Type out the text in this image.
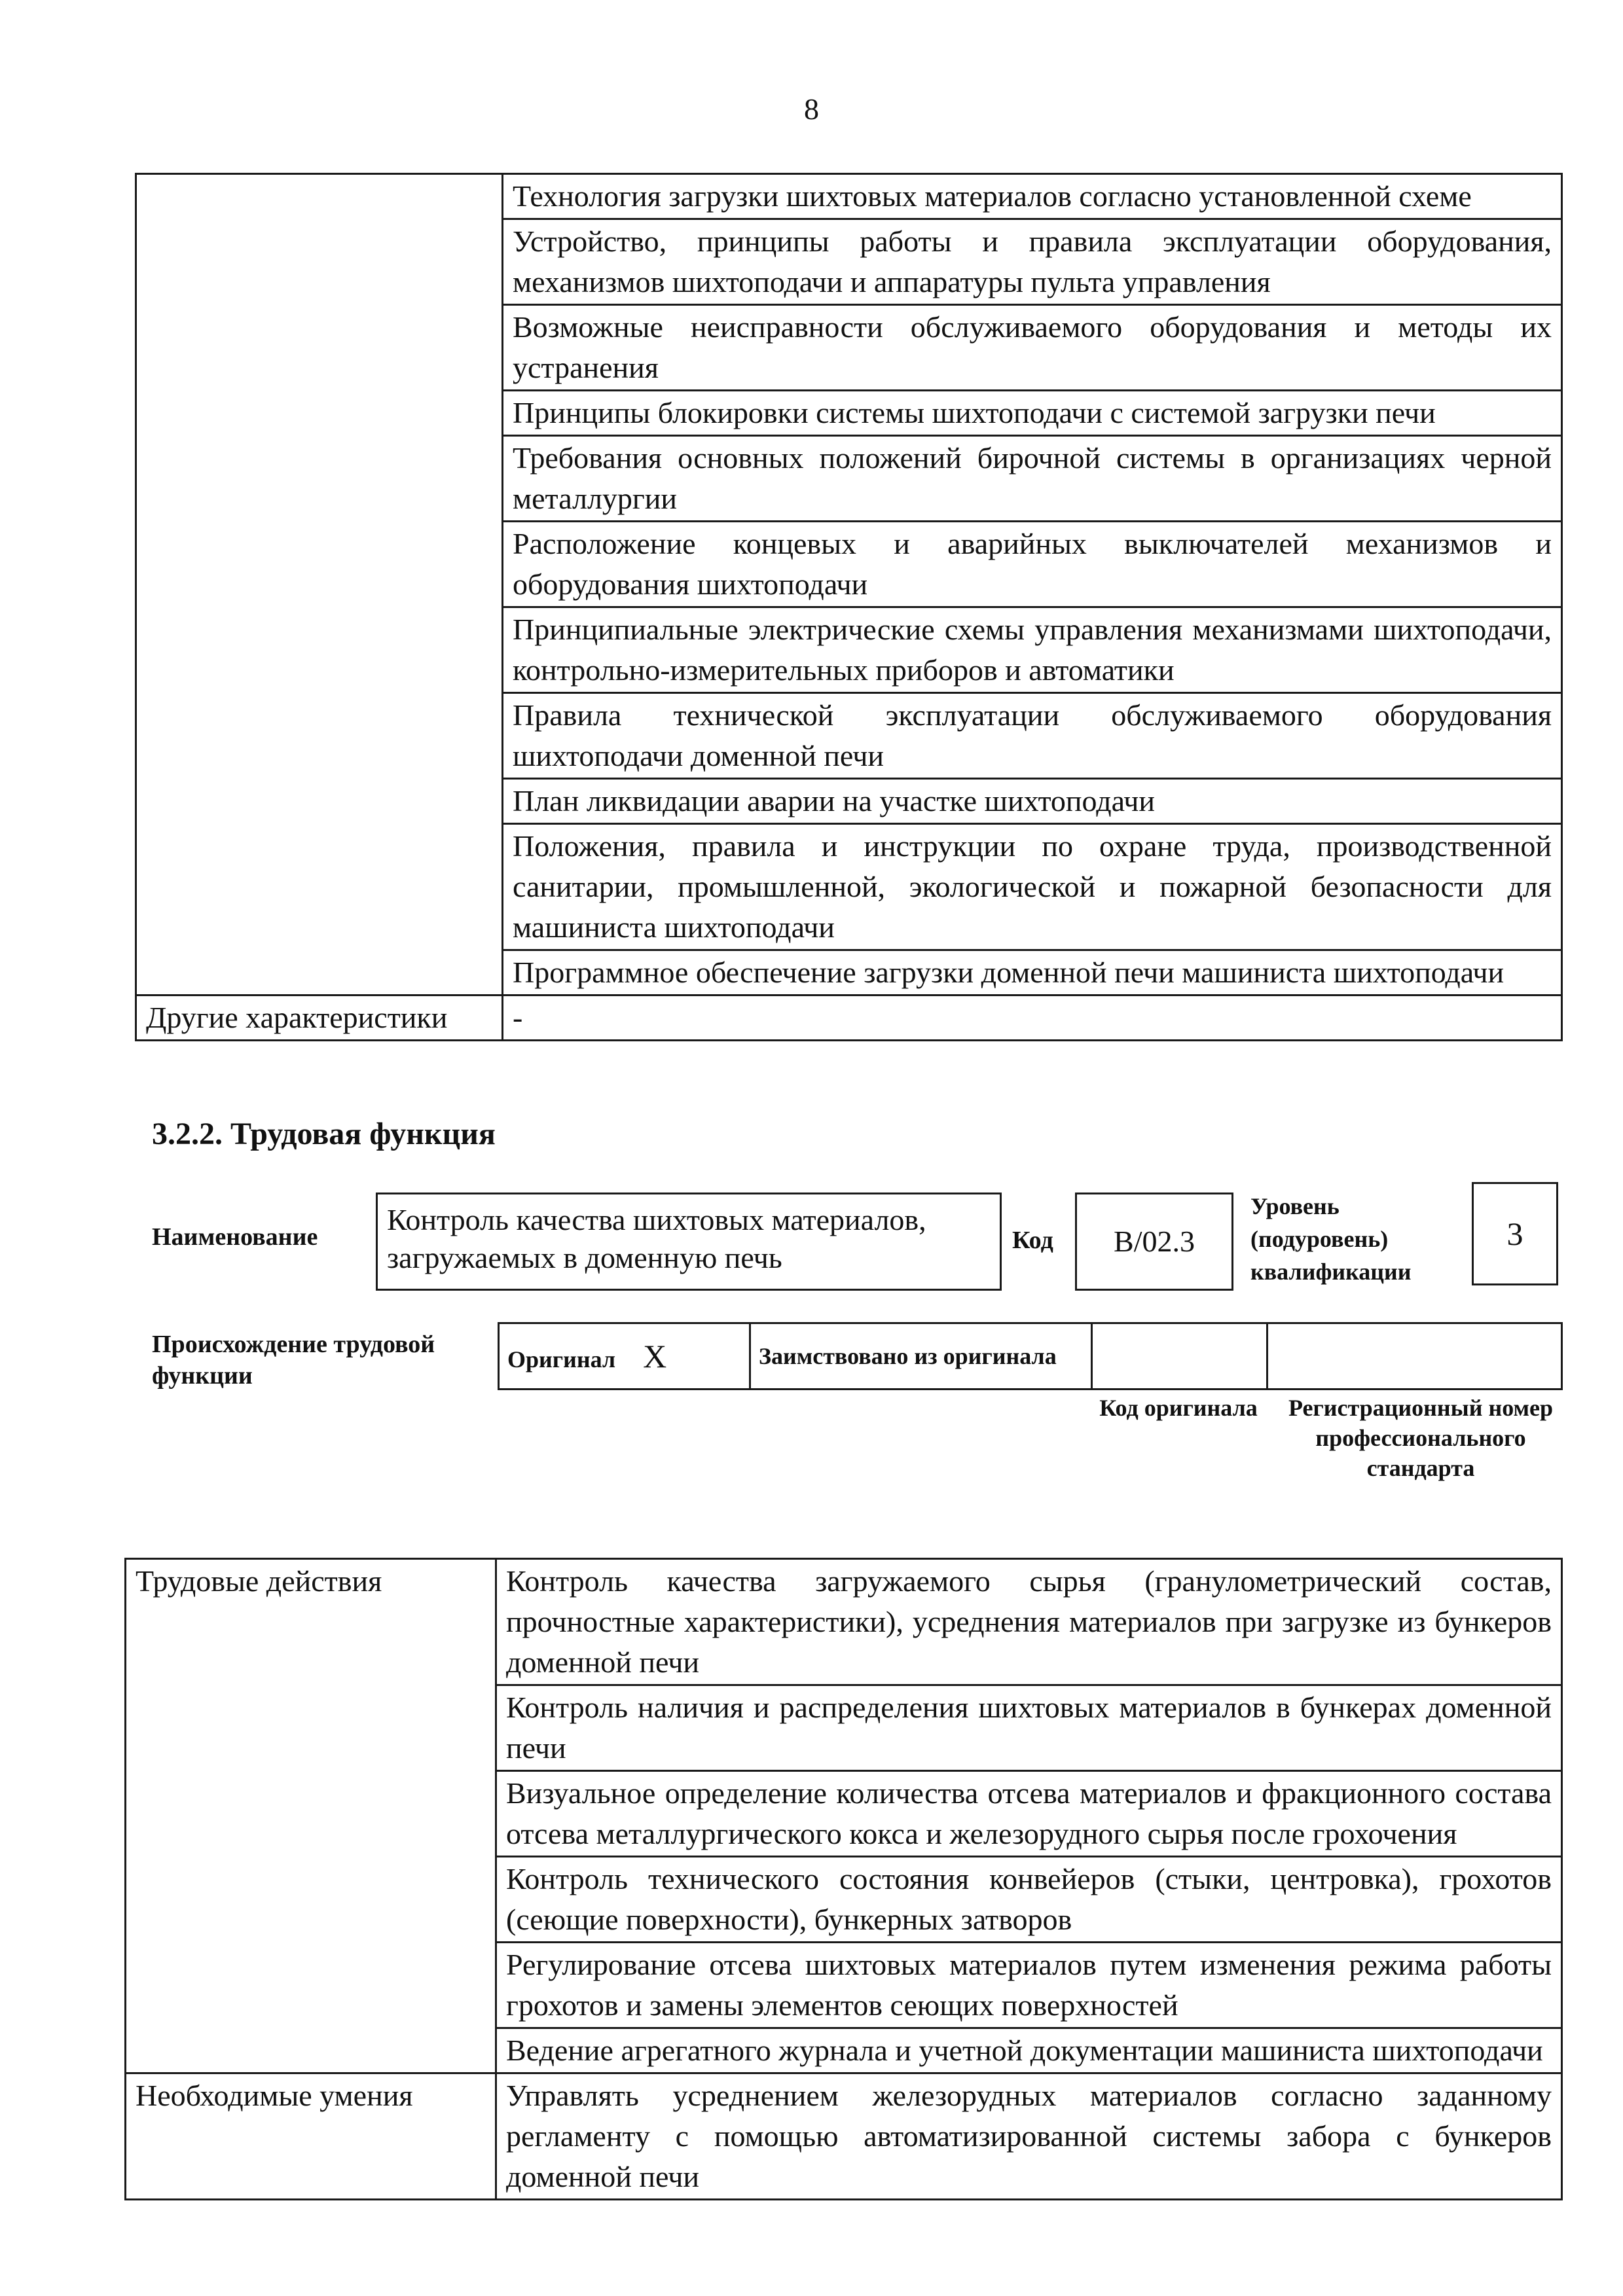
8
	Технология загрузки шихтовых материалов согласно установленной схеме
	Устройство, принципы работы и правила эксплуатации оборудования, механизмов шихтоподачи и аппаратуры пульта управления
	Возможные неисправности обслуживаемого оборудования и методы их устранения
	Принципы блокировки системы шихтоподачи с системой загрузки печи
	Требования основных положений бирочной системы в организациях черной металлургии
	Расположение концевых и аварийных выключателей механизмов и оборудования шихтоподачи
	Принципиальные электрические схемы управления механизмами шихтоподачи, контрольно-измерительных приборов и автоматики
	Правила технической эксплуатации обслуживаемого оборудования шихтоподачи доменной печи
	План ликвидации аварии на участке шихтоподачи
	Положения, правила и инструкции по охране труда, производственной санитарии, промышленной, экологической и пожарной безопасности для машиниста шихтоподачи
	Программное обеспечение загрузки доменной печи машиниста шихтоподачи
Другие характеристики	-
3.2.2. Трудовая функция
Наименование
Контроль качества шихтовых материалов, загружаемых в доменную печь
Код	B/02.3
Уровень (подуровень) квалификации
3
Происхождение трудовой функции
Оригинал X	Заимствовано из оригинала		
Код оригинала	Регистрационный номер профессионального стандарта
Трудовые действия	Контроль качества загружаемого сырья (гранулометрический состав, прочностные характеристики), усреднения материалов при загрузке из бункеров доменной печи
	Контроль наличия и распределения шихтовых материалов в бункерах доменной печи
	Визуальное определение количества отсева материалов и фракционного состава отсева металлургического кокса и железорудного сырья после грохочения
	Контроль технического состояния конвейеров (стыки, центровка), грохотов (сеющие поверхности), бункерных затворов
	Регулирование отсева шихтовых материалов путем изменения режима работы грохотов и замены элементов сеющих поверхностей
	Ведение агрегатного журнала и учетной документации машиниста шихтоподачи
Необходимые умения	Управлять усреднением железорудных материалов согласно заданному регламенту с помощью автоматизированной системы забора с бункеров доменной печи
